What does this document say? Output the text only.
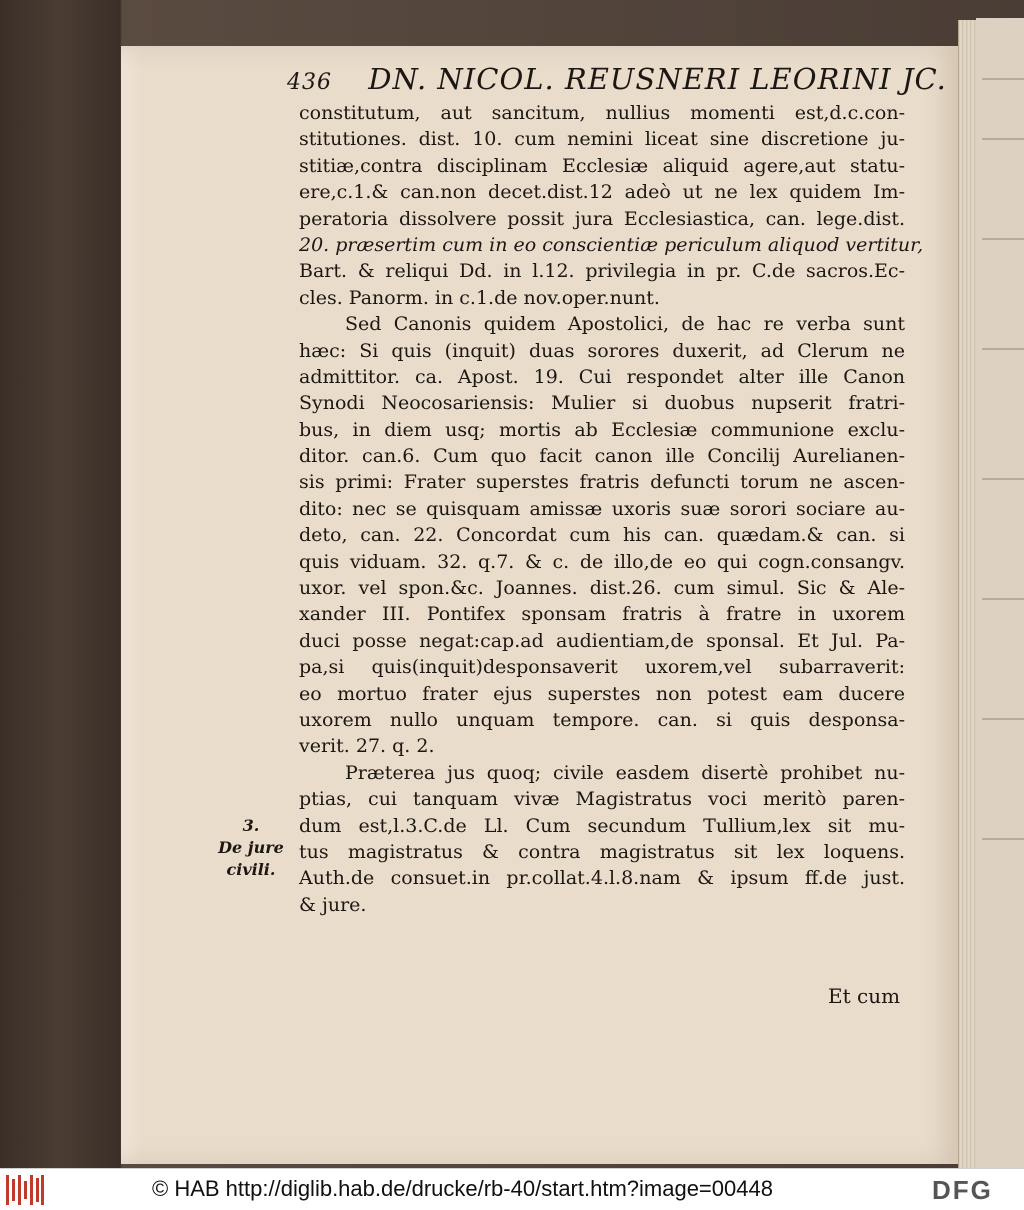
436 DN. NICOL. REUSNERI LEORINI JC.
constitutum, aut sancitum, nullius momenti est,d.c.con-
stitutiones. dist. 10. cum nemini liceat sine discretione ju-
stitiæ,contra disciplinam Ecclesiæ aliquid agere,aut statu-
ere,c.1.& can.non decet.dist.12 adeò ut ne lex quidem Im-
peratoria dissolvere possit jura Ecclesiastica, can. lege.dist.
20. præsertim cum in eo conscientiæ periculum aliquod vertitur,
Bart. & reliqui Dd. in l.12. privilegia in pr. C.de sacros.Ec-
cles. Panorm. in c.1.de nov.oper.nunt.
Sed Canonis quidem Apostolici, de hac re verba sunt
hæc: Si quis (inquit) duas sorores duxerit, ad Clerum ne
admittitor. ca. Apost. 19. Cui respondet alter ille Canon
Synodi Neocosariensis: Mulier si duobus nupserit fratri-
bus, in diem usq; mortis ab Ecclesiæ communione exclu-
ditor. can.6. Cum quo facit canon ille Concilij Aurelianen-
sis primi: Frater superstes fratris defuncti torum ne ascen-
dito: nec se quisquam amissæ uxoris suæ sorori sociare au-
deto, can. 22. Concordat cum his can. quædam.& can. si
quis viduam. 32. q.7. & c. de illo,de eo qui cogn.consangv.
uxor. vel spon.&c. Joannes. dist.26. cum simul. Sic & Ale-
xander III. Pontifex sponsam fratris à fratre in uxorem
duci posse negat:cap.ad audientiam,de sponsal. Et Jul. Pa-
pa,si quis(inquit)desponsaverit uxorem,vel subarraverit:
eo mortuo frater ejus superstes non potest eam ducere
uxorem nullo unquam tempore. can. si quis desponsa-
verit. 27. q. 2.
Præterea jus quoq; civile easdem disertè prohibet nu-
ptias, cui tanquam vivæ Magistratus voci meritò paren-
dum est,l.3.C.de Ll. Cum secundum Tullium,lex sit mu-
tus magistratus & contra magistratus sit lex loquens.
Auth.de consuet.in pr.collat.4.l.8.nam & ipsum ff.de just.
& jure.
3.
De jure
civili.
Et cum
© HAB http://diglib.hab.de/drucke/rb-40/start.htm?image=00448	DFG
